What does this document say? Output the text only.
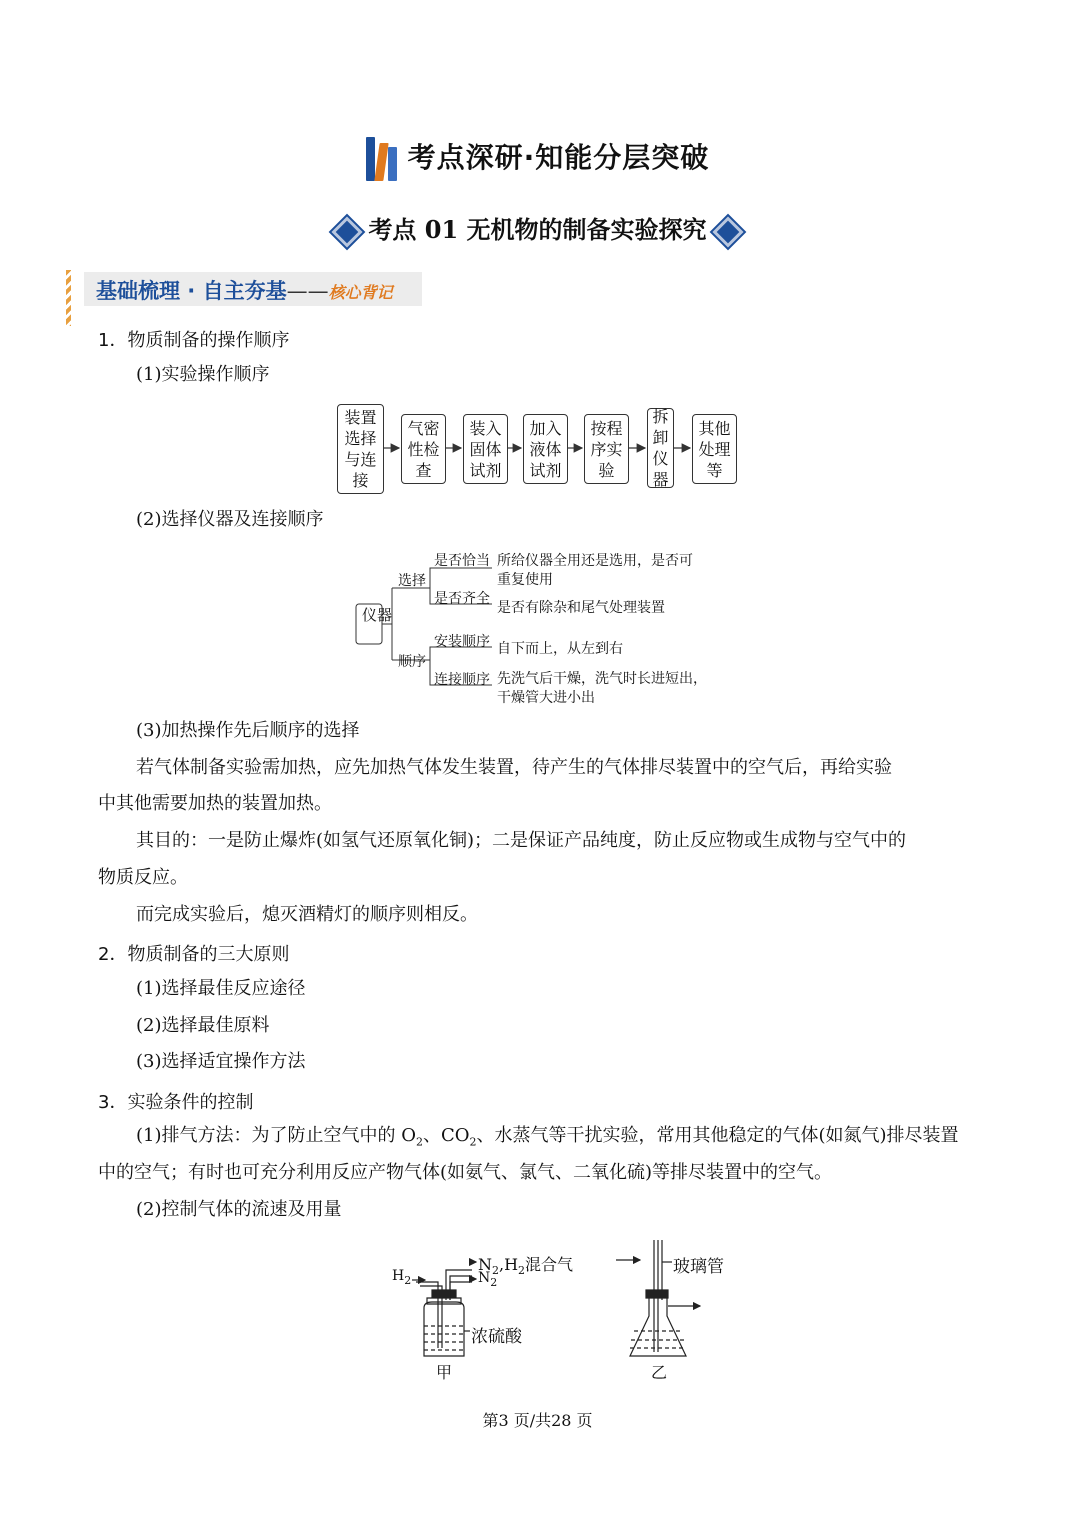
考点深研·知能分层突破
考点 01 无机物的制备实验探究
基础梳理 · 自主夯基——核心背记
1．物质制备的操作顺序
(1)实验操作顺序
装置选择与连接
气密性检查
装入固体试剂
加入液体试剂
按程序实验
拆卸仪器
其他处理等
(2)选择仪器及连接顺序
仪器
选择
是否恰当 所给仪器全用还是选用，是否可
重复使用
是否齐全
是否有除杂和尾气处理装置
顺序
安装顺序 自下而上，从左到右
连接顺序 先洗气后干燥，洗气时长进短出，
干燥管大进小出
(3)加热操作先后顺序的选择
若气体制备实验需加热，应先加热气体发生装置，待产生的气体排尽装置中的空气后，再给实验
中其他需要加热的装置加热。
其目的：一是防止爆炸(如氢气还原氧化铜)；二是保证产品纯度，防止反应物或生成物与空气中的
物质反应。
而完成实验后，熄灭酒精灯的顺序则相反。
2．物质制备的三大原则
(1)选择最佳反应途径
(2)选择最佳原料
(3)选择适宜操作方法
3．实验条件的控制
(1)排气方法：为了防止空气中的 $O_2$、$CO_2$、水蒸气等干扰实验，常用其他稳定的气体(如氮气)排尽装置
中的空气；有时也可充分利用反应产物气体(如氨气、氯气、二氧化硫)等排尽装置中的空气。
(2)控制气体的流速及用量
$H_2$
$N_2,H_2$混合气
$N_2$
浓硫酸
甲
玻璃管
乙
第3 页/共28 页
